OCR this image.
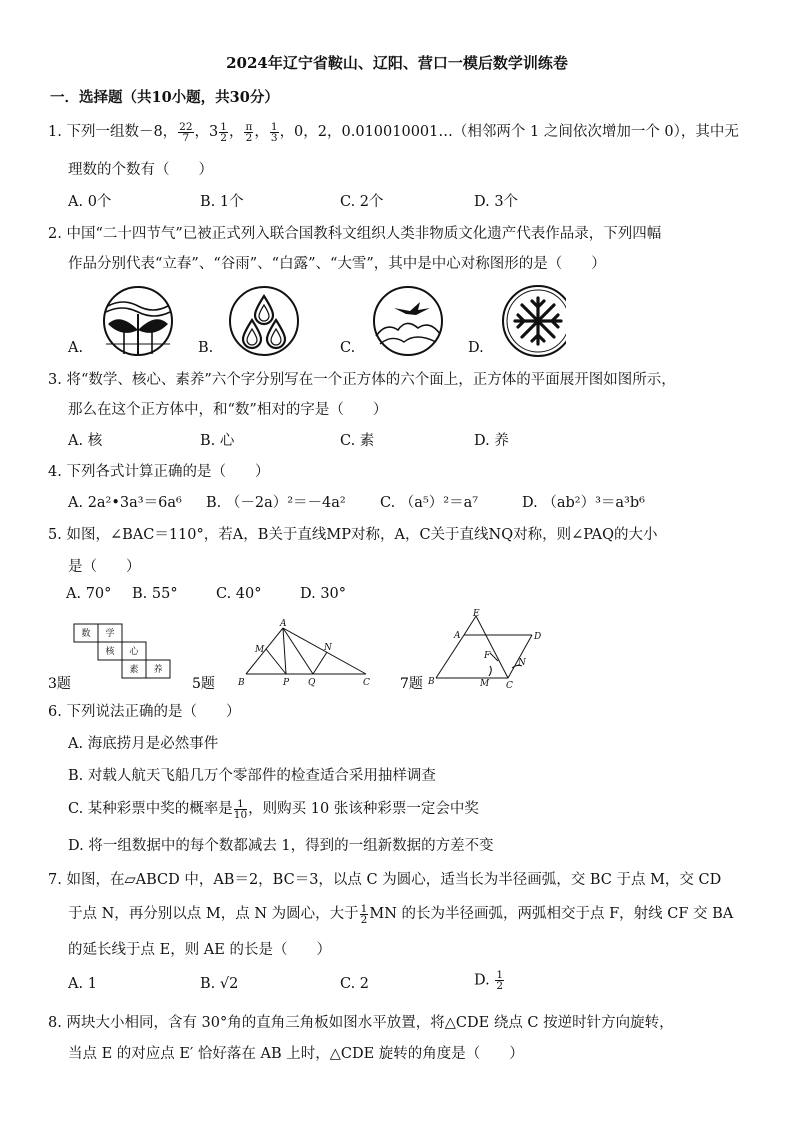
2024年辽宁省鞍山、辽阳、营口一模后数学训练卷
一．选择题（共10小题，共30分）
1. 下列一组数－8， $\frac{22}{7}$ ，$3 \frac{1}{2}$ ， $\frac{\pi}{2}$ ， $\frac{1}{3}$ ，0，2，0.010010001…（相邻两个 1 之间依次增加一个 0），其中无
理数的个数有（　　）
A. 0个	B. 1个	C. 2个	D. 3个
2. 中国“二十四节气”已被正式列入联合国教科文组织人类非物质文化遗产代表作品录，下列四幅
作品分别代表“立春”、“谷雨”、“白露”、“大雪”，其中是中心对称图形的是（　　）
A.	B.	C.	D.
3. 将“数学、核心、素养”六个字分别写在一个正方体的六个面上，正方体的平面展开图如图所示，
那么在这个正方体中，和“数”相对的字是（　　）
A. 核	B. 心	C. 素	D. 养
4. 下列各式计算正确的是（　　）
A. 2a²•3a³＝6a⁶ B. （－2a）²＝－4a² C. （a⁵）²＝a⁷	D. （ab²）³＝a³b⁶
5. 如图，∠BAC＝110°，若A，B关于直线MP对称，A，C关于直线NQ对称，则∠PAQ的大小
是（　　）
A. 70° B. 55°	C. 40°	D. 30°
数 学
核 心
素 养
3题
A
M	N
B	P Q	C
5题
E
A	D
F
N
B	M C
7题
6. 下列说法正确的是（　　）
A. 海底捞月是必然事件
B. 对载人航天飞船几万个零部件的检查适合采用抽样调查
C. 某种彩票中奖的概率是 $\frac{1}{10}$ ，则购买 10 张该种彩票一定会中奖
D. 将一组数据中的每个数都减去 1，得到的一组新数据的方差不变
7. 如图，在▱ABCD 中，AB＝2，BC＝3，以点 C 为圆心，适当长为半径画弧，交 BC 于点 M，交 CD
于点 N，再分别以点 M，点 N 为圆心，大于 $\frac{1}{2}$ MN 的长为半径画弧，两弧相交于点 F，射线 CF 交 BA
的延长线于点 E，则 AE 的长是（　　）
A. 1	B. √2	C. 2	D. $\frac{1}{2}$
8. 两块大小相同，含有 30°角的直角三角板如图水平放置，将△CDE 绕点 C 按逆时针方向旋转，
当点 E 的对应点 E′ 恰好落在 AB 上时，△CDE 旋转的角度是（　　）
